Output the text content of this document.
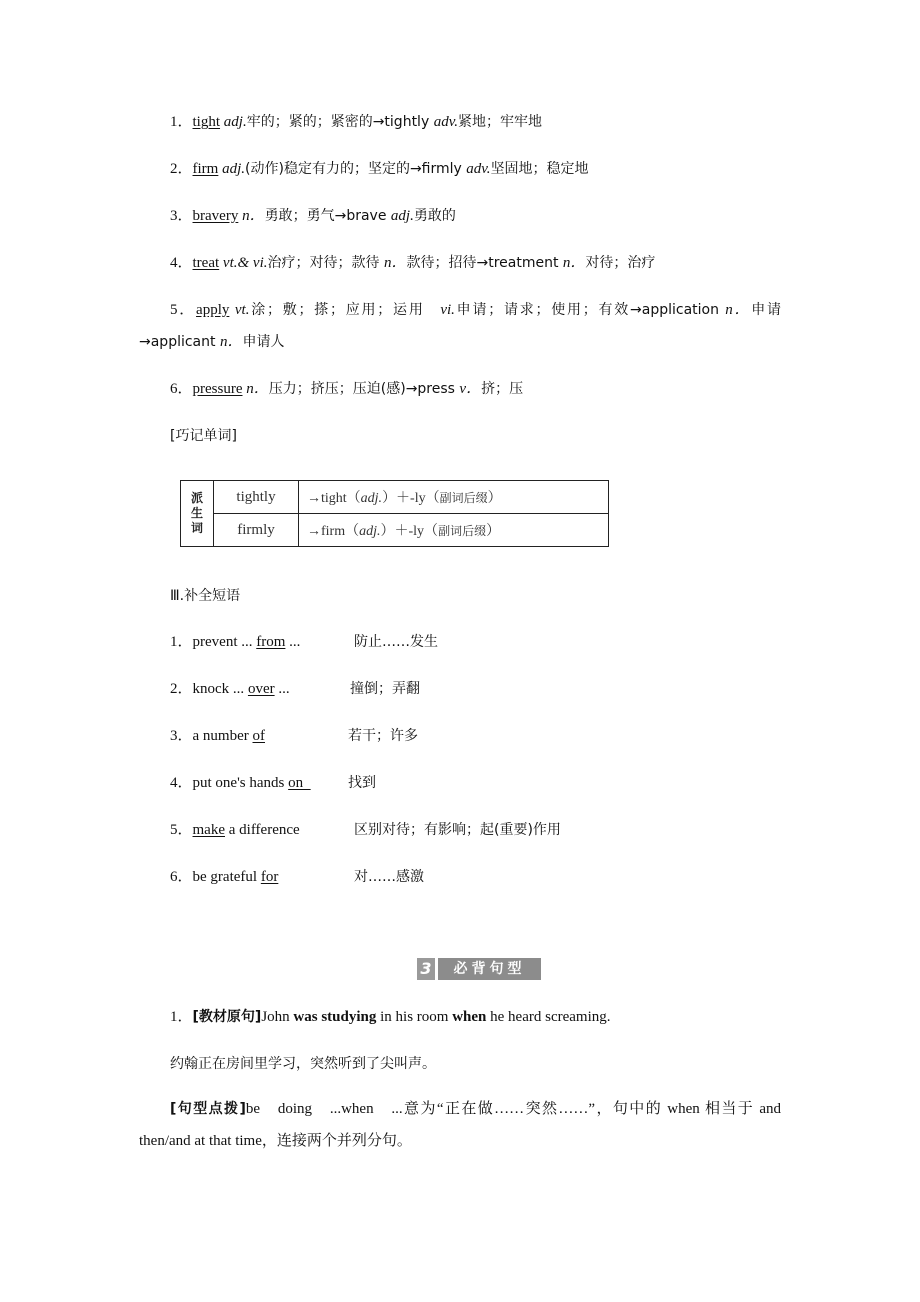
1．tight adj.牢的；紧的；紧密的→tightly adv.紧地；牢牢地
2．firm adj.(动作)稳定有力的；坚定的→firmly adv.坚固地；稳定地
3．bravery n．勇敢；勇气→brave adj.勇敢的
4．treat vt.& vi.治疗；对待；款待 n．款待；招待→treatment n．对待；治疗
5．apply vt.涂；敷；搽；应用；运用　vi.申请；请求；使用；有效→application n．申请→applicant n．申请人
6．pressure n．压力；挤压；压迫(感)→press v．挤；压
[巧记单词]
派
生
词	tightly	→tight（adj.）＋-ly（副词后缀）
	firmly	→firm（adj.）＋-ly（副词后缀）
Ⅲ.补全短语
1．prevent ... from ...	防止……发生
2．knock ... over ...	撞倒；弄翻
3．a number of	若干；许多
4．put one's hands on	找到
5．make a difference	区别对待；有影响；起(重要)作用
6．be grateful for	对……感激
3	必背句型
1．[教材原句]John was studying in his room when he heard screaming.
约翰正在房间里学习，突然听到了尖叫声。
[句型点拨]be　doing　...when　...意为“正在做……突然……”，句中的 when 相当于 and then/and at that time，连接两个并列分句。
